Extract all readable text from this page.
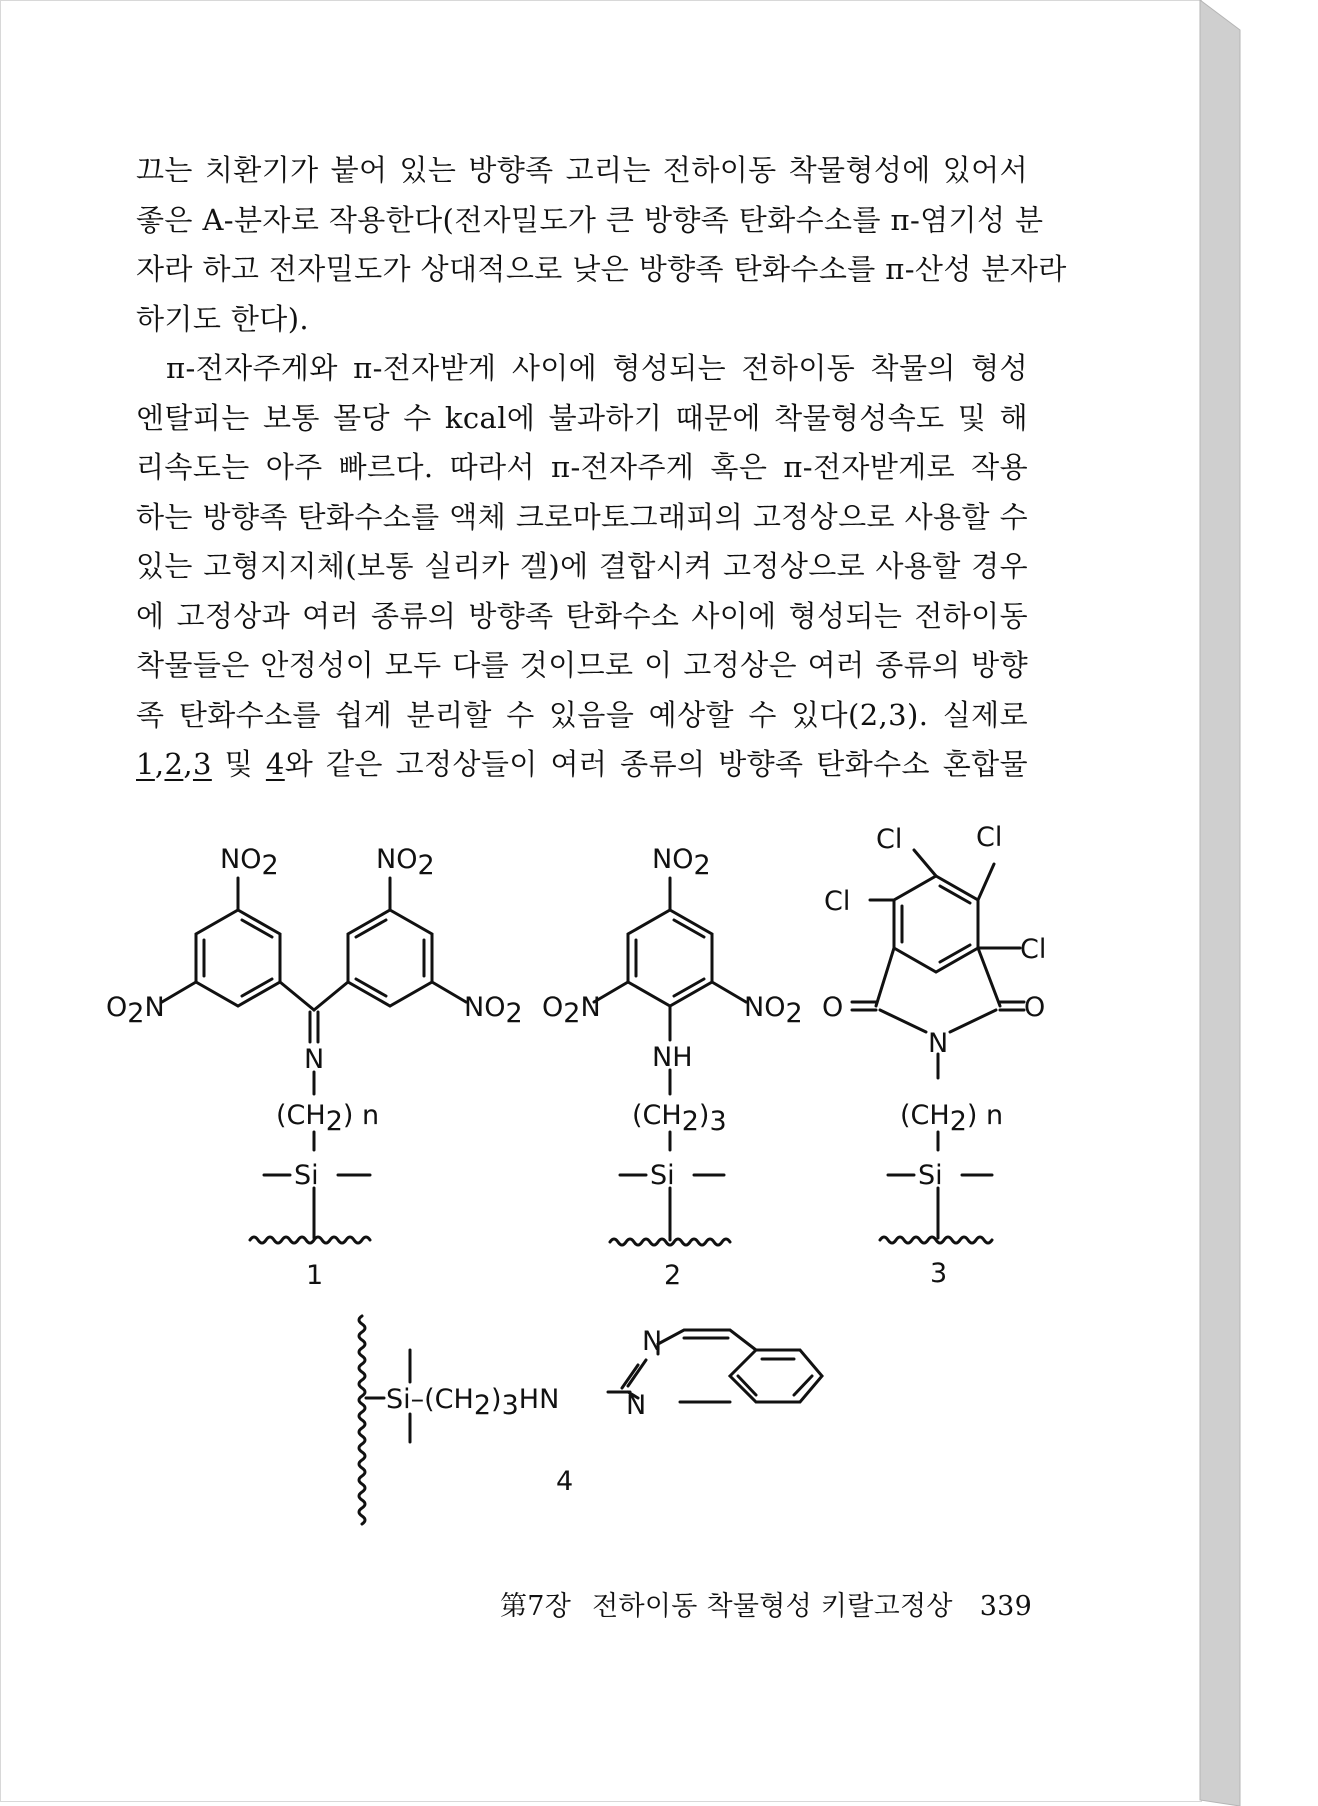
끄는 치환기가 붙어 있는 방향족 고리는 전하이동 착물형성에 있어서
좋은 A-분자로 작용한다(전자밀도가 큰 방향족 탄화수소를 π-염기성 분
자라 하고 전자밀도가 상대적으로 낮은 방향족 탄화수소를 π-산성 분자라
하기도 한다).
π-전자주게와 π-전자받게 사이에 형성되는 전하이동 착물의 형성
엔탈피는 보통 몰당 수 kcal에 불과하기 때문에 착물형성속도 및 해
리속도는 아주 빠르다. 따라서 π-전자주게 혹은 π-전자받게로 작용
하는 방향족 탄화수소를 액체 크로마토그래피의 고정상으로 사용할 수
있는 고형지지체(보통 실리카 겔)에 결합시켜 고정상으로 사용할 경우
에 고정상과 여러 종류의 방향족 탄화수소 사이에 형성되는 전하이동
착물들은 안정성이 모두 다를 것이므로 이 고정상은 여러 종류의 방향
족 탄화수소를 쉽게 분리할 수 있음을 예상할 수 있다(2,3). 실제로
1,2,3 및 4와 같은 고정상들이 여러 종류의 방향족 탄화수소 혼합물
NO2	NO2
O2N	NO2
N
(CH2) n
Si
1
NO2
O2N	NO2
NH
(CH2)3
Si
2
Cl	Cl
Cl
Cl
O	O
N
(CH2) n
Si
3
Si–(CH2)3HN
N
N
4
第7장 전하이동 착물형성 키랄고정상 339
